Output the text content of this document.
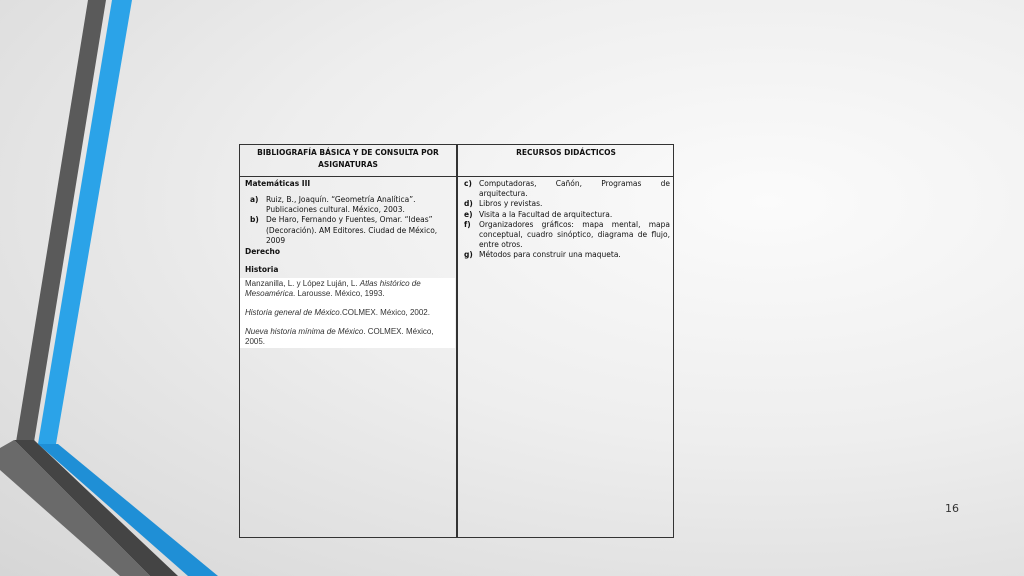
BIBLIOGRAFÍA BÁSICA Y DE CONSULTA POR ASIGNATURAS
RECURSOS DIDÁCTICOS
Matemáticas III
a)	Ruiz, B., Joaquín. “Geometría Analítica”. Publicaciones cultural. México, 2003.
b) De Haro, Fernando y Fuentes, Omar. “Ideas” (Decoración). AM Editores. Ciudad de México, 2009
Derecho
Historia

Manzanilla, L. y López Luján, L. Atlas histórico de Mesoamérica. Larousse. México, 1993.

Historia general de México.COLMEX. México, 2002.

Nueva historia mínima de México. COLMEX. México, 2005.

c) Computadoras, Cañón, Programas de arquitectura.
d) Libros y revistas.
e) Visita a la Facultad de arquitectura.
f)	Organizadores gráficos: mapa mental, mapa conceptual, cuadro sinóptico, diagrama de flujo, entre otros.
g) Métodos para construir una maqueta.
16
